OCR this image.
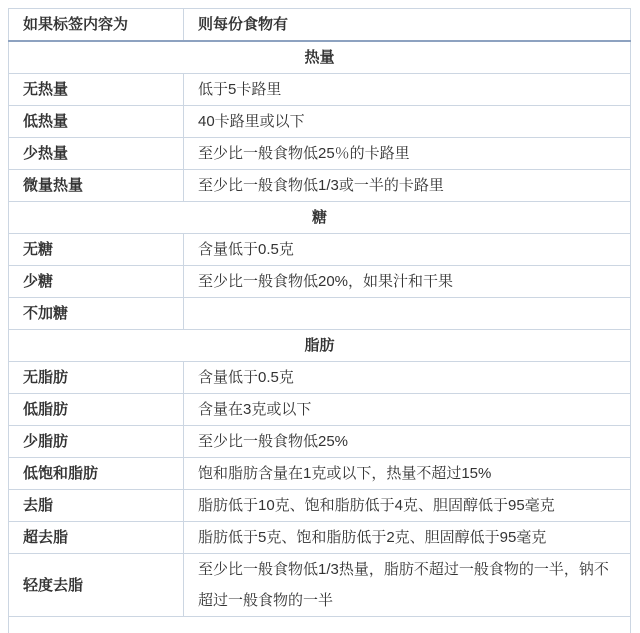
如果标签内容为	则每份食物有
热量	
无热量	低于5卡路里
低热量	40卡路里或以下
少热量	至少比一般食物低25％的卡路里
微量热量	至少比一般食物低1/3或一半的卡路里
糖	
无糖	含量低于0.5克
少糖	至少比一般食物低20%，如果汁和干果
不加糖	
脂肪	
无脂肪	含量低于0.5克
低脂肪	含量在3克或以下
少脂肪	至少比一般食物低25%
低饱和脂肪	饱和脂肪含量在1克或以下，热量不超过15%
去脂	脂肪低于10克、饱和脂肪低于4克、胆固醇低于95毫克
超去脂	脂肪低于5克、饱和脂肪低于2克、胆固醇低于95毫克
轻度去脂	至少比一般食物低1/3热量，脂肪不超过一般食物的一半，钠不超过一般食物的一半
